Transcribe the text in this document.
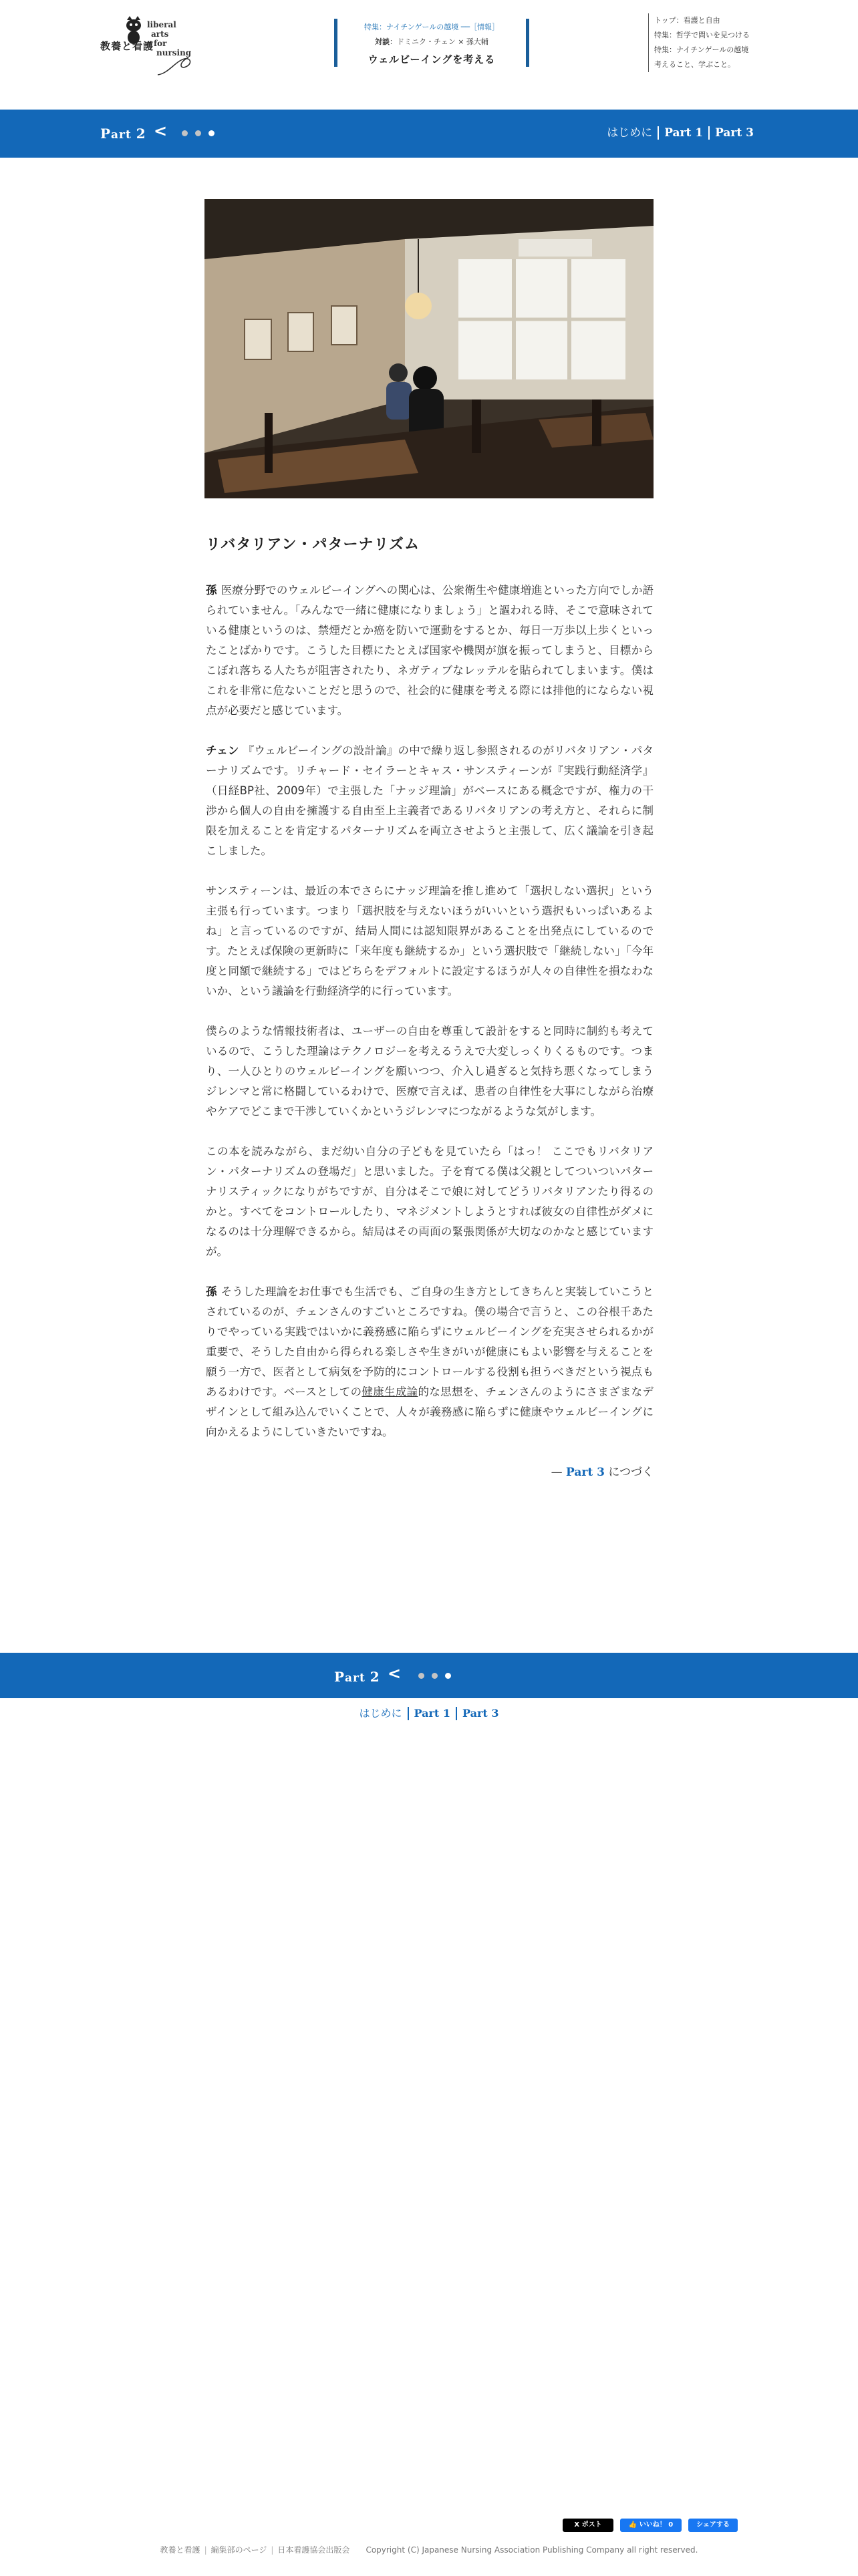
liberal
arts
for
nursing
教養と看護
特集：ナイチンゲールの越境 ──［情報］
対談：ドミニク・チェン × 孫大輔
ウェルビーイングを考える
トップ：看護と自由
特集：哲学で問いを見つける
特集：ナイチンゲールの越境
考えること、学ぶこと。
Part 2 <	はじめに Part 1 Part 3
リバタリアン・パターナリズム

孫 医療分野でのウェルビーイングへの関心は、公衆衛生や健康増進といった方向でしか語られていません。「みんなで一緒に健康になりましょう」と謳われる時、そこで意味されている健康というのは、禁煙だとか癌を防いで運動をするとか、毎日一万歩以上歩くといったことばかりです。こうした目標にたとえば国家や機関が旗を振ってしまうと、目標からこぼれ落ちる人たちが阻害されたり、ネガティブなレッテルを貼られてしまいます。僕はこれを非常に危ないことだと思うので、社会的に健康を考える際には排他的にならない視点が必要だと感じています。

チェン 『ウェルビーイングの設計論』の中で繰り返し参照されるのがリバタリアン・パターナリズムです。リチャード・セイラーとキャス・サンスティーンが『実践行動経済学』（日経BP社、2009年）で主張した「ナッジ理論」がベースにある概念ですが、権力の干渉から個人の自由を擁護する自由至上主義者であるリバタリアンの考え方と、それらに制限を加えることを肯定するパターナリズムを両立させようと主張して、広く議論を引き起こしました。

サンスティーンは、最近の本でさらにナッジ理論を推し進めて「選択しない選択」という主張も行っています。つまり「選択肢を与えないほうがいいという選択もいっぱいあるよね」と言っているのですが、結局人間には認知限界があることを出発点にしているのです。たとえば保険の更新時に「来年度も継続するか」という選択肢で「継続しない」「今年度と同額で継続する」ではどちらをデフォルトに設定するほうが人々の自律性を損なわないか、という議論を行動経済学的に行っています。

僕らのような情報技術者は、ユーザーの自由を尊重して設計をすると同時に制約も考えているので、こうした理論はテクノロジーを考えるうえで大変しっくりくるものです。つまり、一人ひとりのウェルビーイングを願いつつ、介入し過ぎると気持ち悪くなってしまうジレンマと常に格闘しているわけで、医療で言えば、患者の自律性を大事にしながら治療やケアでどこまで干渉していくかというジレンマにつながるような気がします。

この本を読みながら、まだ幼い自分の子どもを見ていたら「はっ！ ここでもリバタリアン・パターナリズムの登場だ」と思いました。子を育てる僕は父親としてついついパターナリスティックになりがちですが、自分はそこで娘に対してどうリバタリアンたり得るのかと。すべてをコントロールしたり、マネジメントしようとすれば彼女の自律性がダメになるのは十分理解できるから。結局はその両面の緊張関係が大切なのかなと感じていますが。

孫 そうした理論をお仕事でも生活でも、ご自身の生き方としてきちんと実装していこうとされているのが、チェンさんのすごいところですね。僕の場合で言うと、この谷根千あたりでやっている実践ではいかに義務感に陥らずにウェルビーイングを充実させられるかが重要で、そうした自由から得られる楽しさや生きがいが健康にもよい影響を与えることを願う一方で、医者として病気を予防的にコントロールする役割も担うべきだという視点もあるわけです。ベースとしての健康生成論的な思想を、チェンさんのようにさまざまなデザインとして組み込んでいくことで、人々が義務感に陥らずに健康やウェルビーイングに向かえるようにしていきたいですね。

— Part 3 につづく
Part 2 <
はじめに Part 1 Part 3
X ポスト	👍 いいね！ 0	シェアする
教養と看護 | 編集部のページ | 日本看護協会出版会 Copyright (C) Japanese Nursing Association Publishing Company all right reserved.
